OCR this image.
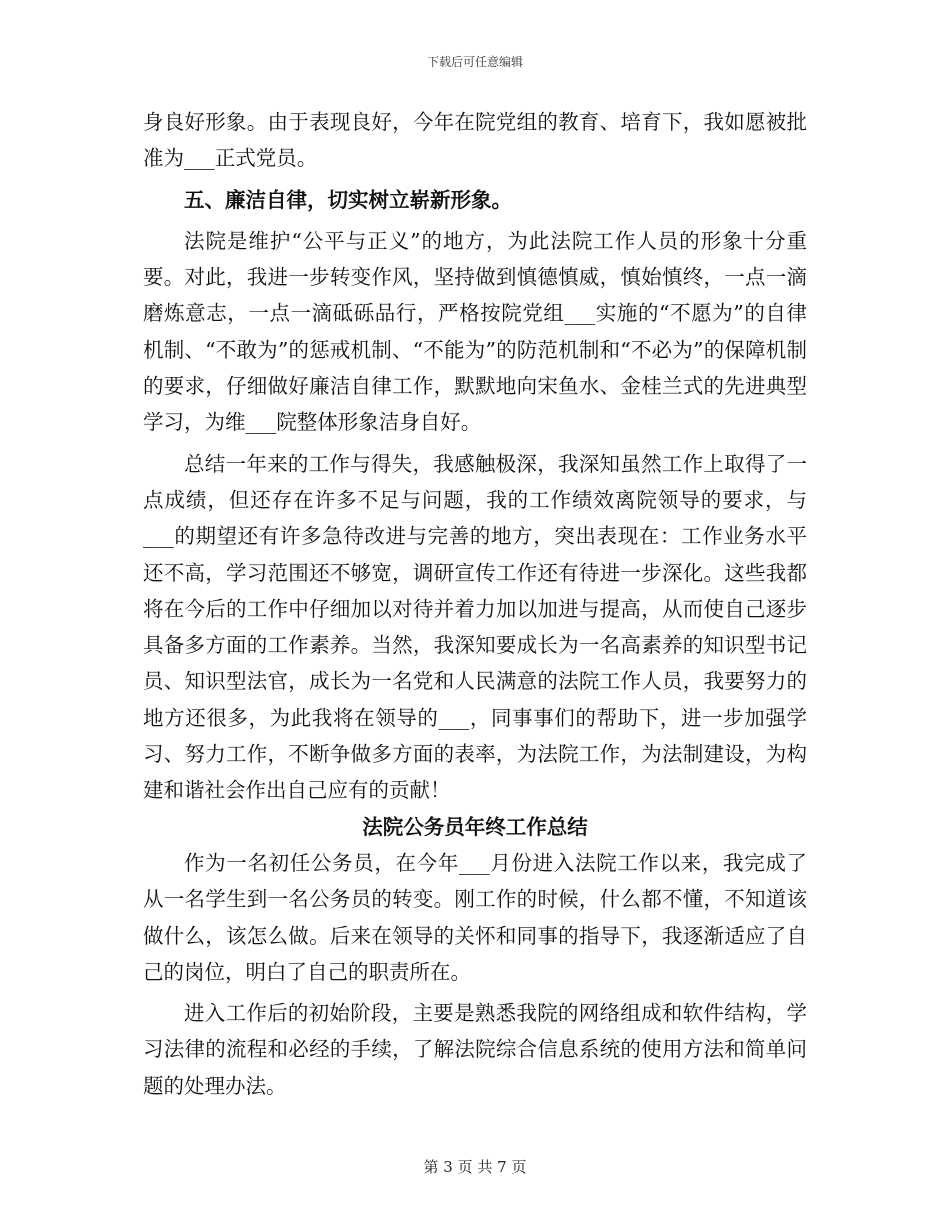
下载后可任意编辑

身良好形象。由于表现良好，今年在院党组的教育、培育下，我如愿被批准为___正式党员。

五、廉洁自律，切实树立崭新形象。

法院是维护“公平与正义”的地方，为此法院工作人员的形象十分重要。对此，我进一步转变作风，坚持做到慎德慎威，慎始慎终，一点一滴磨炼意志，一点一滴砥砾品行，严格按院党组___实施的“不愿为”的自律机制、“不敢为”的惩戒机制、“不能为”的防范机制和“不必为”的保障机制的要求，仔细做好廉洁自律工作，默默地向宋鱼水、金桂兰式的先进典型学习，为维___院整体形象洁身自好。

总结一年来的工作与得失，我感触极深，我深知虽然工作上取得了一点成绩，但还存在许多不足与问题，我的工作绩效离院领导的要求，与___的期望还有许多急待改进与完善的地方，突出表现在：工作业务水平还不高，学习范围还不够宽，调研宣传工作还有待进一步深化。这些我都将在今后的工作中仔细加以对待并着力加以加进与提高，从而使自己逐步具备多方面的工作素养。当然，我深知要成长为一名高素养的知识型书记员、知识型法官，成长为一名党和人民满意的法院工作人员，我要努力的地方还很多，为此我将在领导的___，同事事们的帮助下，进一步加强学习、努力工作，不断争做多方面的表率，为法院工作，为法制建设，为构建和谐社会作出自己应有的贡献！

法院公务员年终工作总结

作为一名初任公务员，在今年___月份进入法院工作以来，我完成了从一名学生到一名公务员的转变。刚工作的时候，什么都不懂，不知道该做什么，该怎么做。后来在领导的关怀和同事的指导下，我逐渐适应了自己的岗位，明白了自己的职责所在。

进入工作后的初始阶段，主要是熟悉我院的网络组成和软件结构，学习法律的流程和必经的手续，了解法院综合信息系统的使用方法和简单问题的处理办法。

第 3 页 共 7 页
